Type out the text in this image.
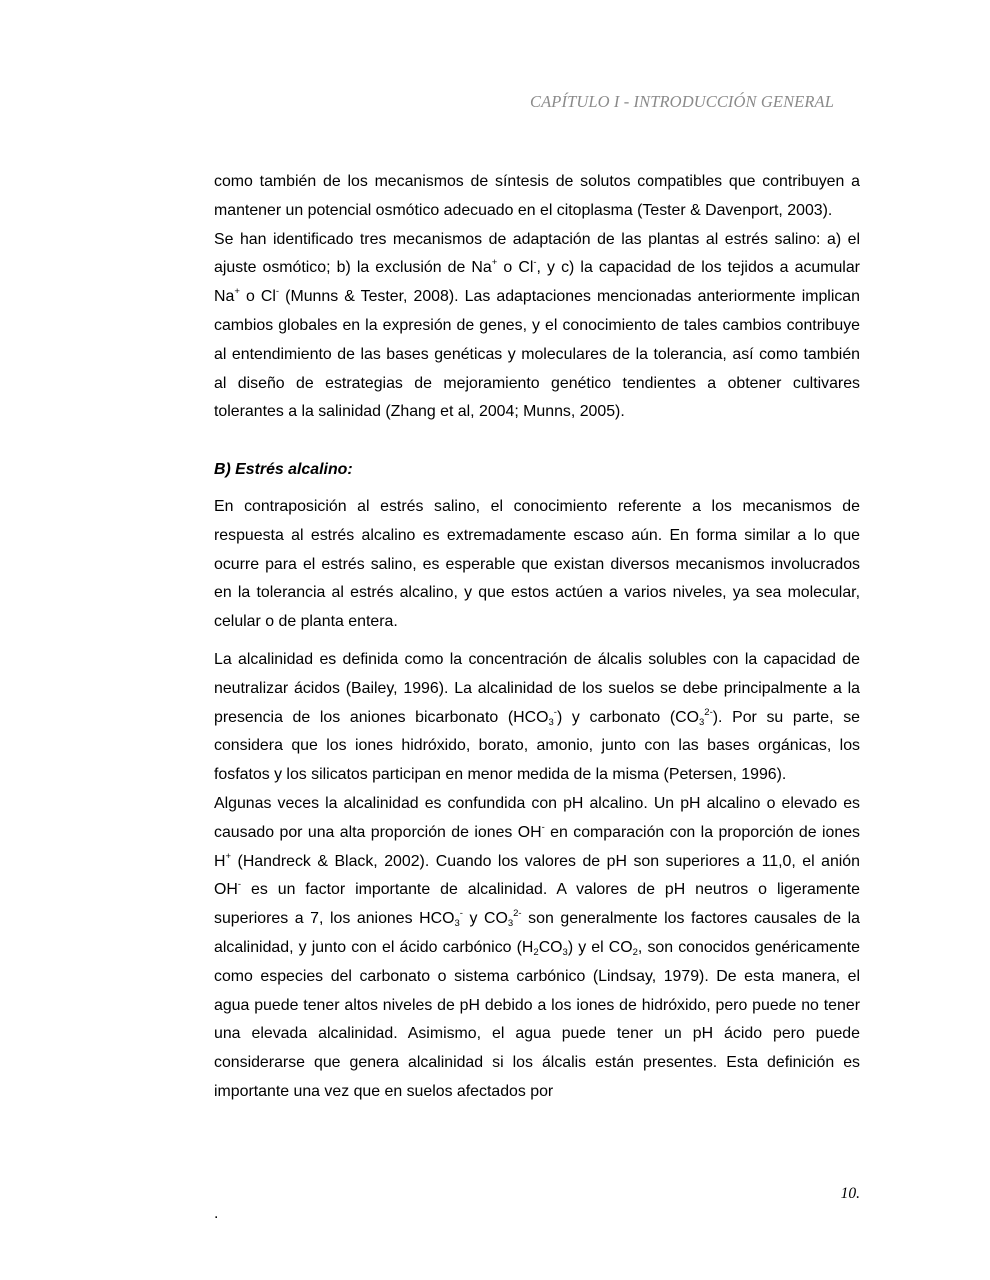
CAPÍTULO I - INTRODUCCIÓN GENERAL

como también de los mecanismos de síntesis de solutos compatibles que contribuyen a mantener un potencial osmótico adecuado en el citoplasma (Tester & Davenport, 2003).

Se han identificado tres mecanismos de adaptación de las plantas al estrés salino: a) el ajuste osmótico; b) la exclusión de Na+ o Cl-, y c) la capacidad de los tejidos a acumular Na+ o Cl- (Munns & Tester, 2008). Las adaptaciones mencionadas anteriormente implican cambios globales en la expresión de genes, y el conocimiento de tales cambios contribuye al entendimiento de las bases genéticas y moleculares de la tolerancia, así como también al diseño de estrategias de mejoramiento genético tendientes a obtener cultivares tolerantes a la salinidad (Zhang et al, 2004; Munns, 2005).

B) Estrés alcalino:

En contraposición al estrés salino, el conocimiento referente a los mecanismos de respuesta al estrés alcalino es extremadamente escaso aún. En forma similar a lo que ocurre para el estrés salino, es esperable que existan diversos mecanismos involucrados en la tolerancia al estrés alcalino, y que estos actúen a varios niveles, ya sea molecular, celular o de planta entera.

La alcalinidad es definida como la concentración de álcalis solubles con la capacidad de neutralizar ácidos (Bailey, 1996). La alcalinidad de los suelos se debe principalmente a la presencia de los aniones bicarbonato $(HCO_3^-)$ y carbonato $(CO_3^{2-})$. Por su parte, se considera que los iones hidróxido, borato, amonio, junto con las bases orgánicas, los fosfatos y los silicatos participan en menor medida de la misma (Petersen, 1996).

Algunas veces la alcalinidad es confundida con pH alcalino. Un pH alcalino o elevado es causado por una alta proporción de iones OH- en comparación con la proporción de iones H+ (Handreck & Black, 2002). Cuando los valores de pH son superiores a 11,0, el anión OH- es un factor importante de alcalinidad. A valores de pH neutros o ligeramente superiores a 7, los aniones $HCO_3^-$ y $CO_3^{2-}$ son generalmente los factores causales de la alcalinidad, y junto con el ácido carbónico $(H_2CO_3)$ y el $CO_2$, son conocidos genéricamente como especies del carbonato o sistema carbónico (Lindsay, 1979). De esta manera, el agua puede tener altos niveles de pH debido a los iones de hidróxido, pero puede no tener una elevada alcalinidad. Asimismo, el agua puede tener un pH ácido pero puede considerarse que genera alcalinidad si los álcalis están presentes. Esta definición es importante una vez que en suelos afectados por

10.
.
